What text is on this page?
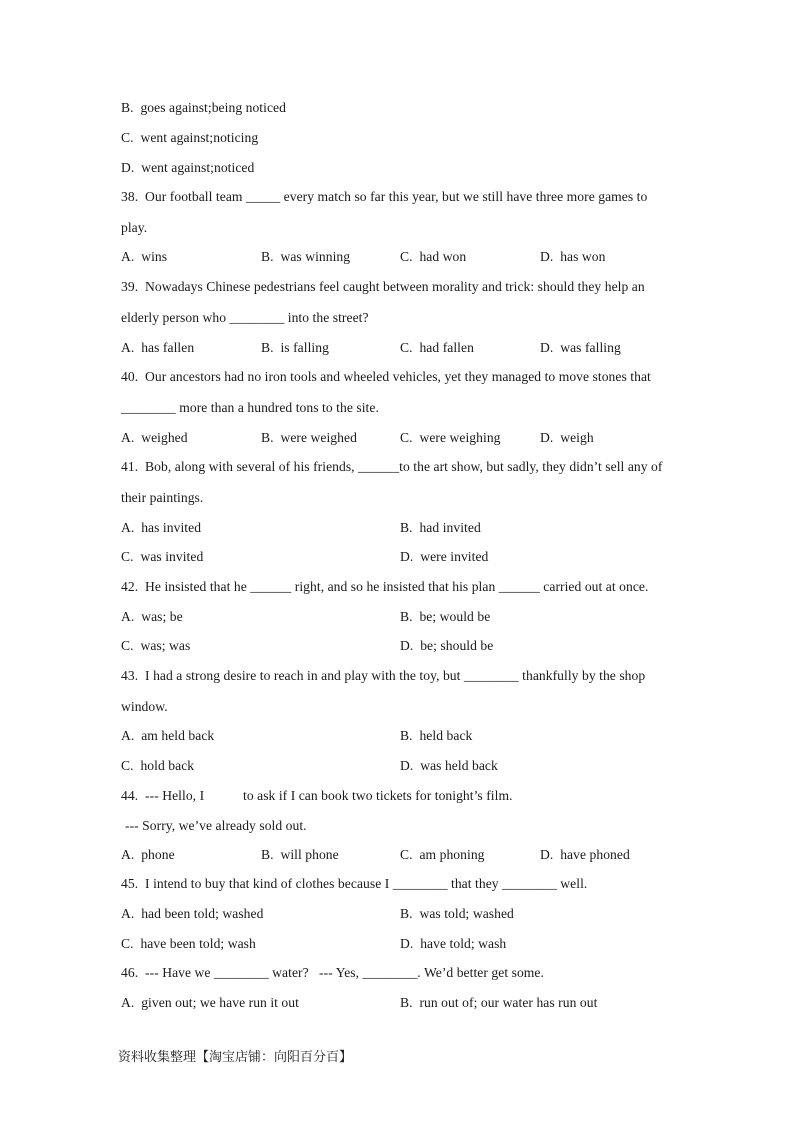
B.  goes against;being noticed
C.  went against;noticing
D.  went against;noticed
38.  Our football team _____ every match so far this year, but we still have three more games to
play.
A.  wins	B.  was winning	C.  had won	D.  has won
39.  Nowadays Chinese pedestrians feel caught between morality and trick: should they help an
elderly person who ________ into the street?
A.  has fallen	B.  is falling	C.  had fallen	D.  was falling
40.  Our ancestors had no iron tools and wheeled vehicles, yet they managed to move stones that
________ more than a hundred tons to the site.
A.  weighed	B.  were weighed	C.  were weighing	D.  weigh
41.  Bob, along with several of his friends, ______to the art show, but sadly, they didn’t sell any of
their paintings.
A.  has invited	B.  had invited
C.  was invited	D.  were invited
42.  He insisted that he ______ right, and so he insisted that his plan ______ carried out at once.
A.  was; be	B.  be; would be
C.  was; was	D.  be; should be
43.  I had a strong desire to reach in and play with the toy, but ________ thankfully by the shop
window.
A.  am held back	B.  held back
C.  hold back	D.  was held back
44.  --- Hello, I	to ask if I can book two tickets for tonight’s film.
--- Sorry, we’ve already sold out.
A.  phone	B.  will phone	C.  am phoning	D.  have phoned
45.  I intend to buy that kind of clothes because I ________ that they ________ well.
A.  had been told; washed	B.  was told; washed
C.  have been told; wash	D.  have told; wash
46.  --- Have we ________ water?   --- Yes, ________. We’d better get some.
A.  given out; we have run it out	B.  run out of; our water has run out
资料收集整理【淘宝店铺：向阳百分百】
